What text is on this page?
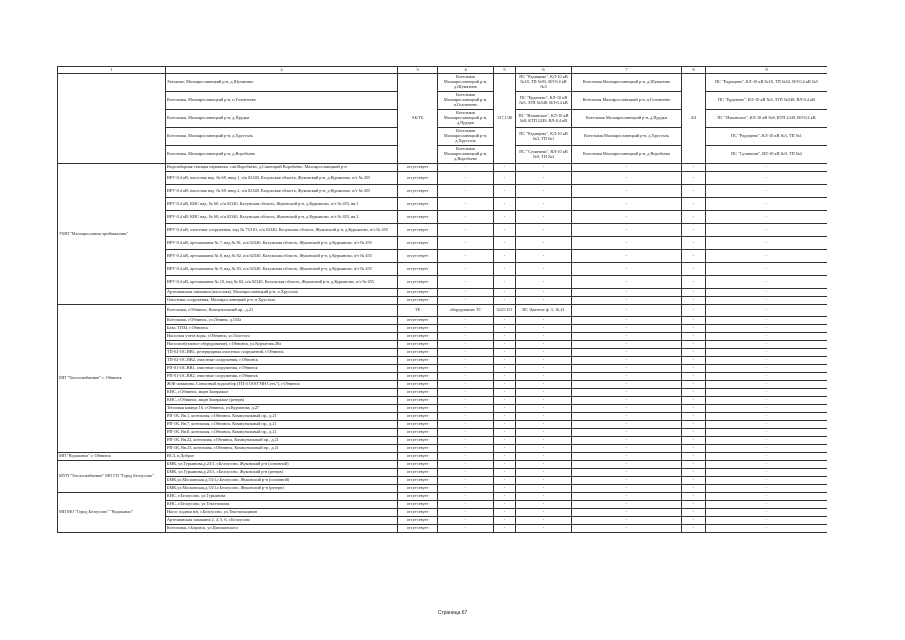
1	2	3	4	5	6	7	8	9
	Хотьково, Малоярославецкий р-н, д.Шумятино	АБ/ТБ	Котельная Малоярославецкий р-н, д.Шумятино	137,1/40	ПС "Радищево", КЛ-10 кВ №18, ТП №93, ВЛ-0,4 кВ №3	Котельная Малоярославецкий р-н, д.Шумятино	4/4	ПС "Радищево", КЛ-10 кВ №18, ТП №52, ВЛ-0,4 кВ №5
	Котельная, Малоярославецкий р-н, п.Головтеево		Котельная Малоярославецкий р-н, п.Головтеево		ПС "Ерденево", КЛ-10 кВ №5, ЗТП №548, ВЛ-0,4 кВ	Котельная Малоярославецкий р-н, п.Головтеево		ПС "Ерденево", КЛ-10 кВ №5, ЗТП №548, ВЛ-0,4 кВ
	Котельная, Малоярославецкий р-н, д.Прудки		Котельная Малоярославецкий р-н, д.Прудки		ПС "Ильинское", КЛ-10 кВ №8, КТП 2249, ВЛ-0,4 кВ	Котельная Малоярославецкий р-н, д.Прудки		ПС "Ильинское", КЛ-10 кВ №8, КТП 2249, ВЛ-0,4 кВ
	Котельная, Малоярославецкий р-н, д.Хрусталь		Котельная Малоярославецкий р-н, д.Хрусталь		ПС "Радищево", КЛ-10 кВ №3, ТП №1	Котельная Малоярославецкий р-н, д.Хрусталь		ПС "Радищево", КЛ-10 кВ №3, ТП №1
	Котельная, Малоярославецкий р-н, д.Воробьево		Котельная Малоярославецкий р-н, д.Воробьево		ПС "Сухиничи", ВЛ-10 кВ №9, ТП №2	Котельная Малоярославецкий р-н, д.Воробьево		ПС "Сухиничи", ВЛ-10 кВ №9, ТП №2
УМП "Малоярославецстройзаказчик"	Водозаборная станция перекачки, сан.Воробьёво, д.Санаторий Воробьёво, Малоярославецкий р-н	отсутствует	-	-	-	-	-	-
	ВРУ-0,4 кВ, насосная над. № 68, ввод 1, п/я 02340, Калужская область, Жуковский р-н, д.Курьяново, п/т № 455	отсутствует	-	-	-	-	-	-
	ВРУ-0,4 кВ, насосная над. № 68, ввод 2, п/я 02340, Калужская область, Жуковский р-н, д.Курьяново, п/т № 455	отсутствует	-	-	-	-	-	-
	ВРУ-0,4 кВ, КНС над. № 60, п/я 02340, Калужская область, Жуковский р-н, д.Курьяново, п/т № 455, вв.1	отсутствует	-	-	-	-	-	-
	ВРУ-0,4 кВ, КНС над. № 60, п/я 02340, Калужская область, Жуковский р-н, д.Курьяново, п/т № 455, вв.2	отсутствует	-	-	-	-	-	-
	ВРУ-0,4 кВ, очистные сооружения, над № 73/101, п/я 02340, Калужская область, Жуковский р-н, д.Курьяново, п/т № 455	отсутствует	-	-	-	-	-	-
	ВРУ-0,4 кВ, артскважина № 7, над № 81, п/я 02340, Калужская область, Жуковский р-н, д.Курьяново, п/т № 455	отсутствует	-	-	-	-	-	-
	ВРУ-0,4 кВ, артскважина № 8, над № 82, п/я 02340, Калужская область, Жуковский р-н, д.Курьяново, п/т № 455	отсутствует	-	-	-	-	-	-
	ВРУ-0,4 кВ, артскважина № 9, над № 83, п/я 02340, Калужская область, Жуковский р-н, д.Курьяново, п/т № 455	отсутствует	-	-	-	-	-	-
	ВРУ-0,4 кВ, артскважина № 10, над № 84, п/я 02340, Калужская область, Жуковский р-н, д.Курьяново, п/т № 455	отсутствует	-	-	-	-	-	-
	Артезианская скважина (насосная), Малоярославецкий р-н, п.Хрусталь	отсутствует	-	-	-	-	-	-
	Очистные сооружения, Малоярославецкий р-н, п.Хрусталь	отсутствует	-	-	-	-	-	-
МП "Теплоснабжение" г. Обнинск	Котельная, г.Обнинск, Коммунальный пр., д.21	ТЕ	оборудование ТС	3221/151	ПС Цветное ф. 3, 16,41	-	-	-
	Котельная, г.Обнинск, ул.Ленина, д.153а	отсутствует	-	-	-	-	-	-
	База, ТПЗЗ, г.Обнинск	отсутствует	-	-	-	-	-	-
	Насосная учета воды, г.Обнинск, ул.Толстого	отсутствует	-	-	-	-	-	-
	Насосное(газовое оборудование), г.Обнинск, ул.Курчатова,49а	отсутствует	-	-	-	-	-	-
	ТП-02-ОС.ВВ1, резервуарная очистных сооружений, г.Обнинск	отсутствует	-	-	-	-	-	-
	ТП-02-ОС.ВВ2, очистные сооружения, г.Обнинск	отсутствует	-	-	-	-	-	-
	РП-01-ОС.ВВ1, очистные сооружения, г.Обнинск	отсутствует	-	-	-	-	-	-
	РП-01-ОС.ВВ2, очистные сооружения, г.Обнинск	отсутствует	-	-	-	-	-	-
	Ж/Ф скважина, Совхозный водозабор (ТП-4 ООО"НН Сеть"), г.Обнинск	отсутствует	-	-	-	-	-	-
	КНС, г.Обнинск, мкрн Заовражье	отсутствует	-	-	-	-	-	-
	КНС, г.Обнинск, мкрн Заовражье (резерв)	отсутствует	-	-	-	-	-	-
	Тепловая камера 16, г.Обнинск, ул.Курчатова, д.27	отсутствует	-	-	-	-	-	-
	РП-1К, Вв.1, котельная, г.Обнинск, Коммунальный пр., д.21	отсутствует	-	-	-	-	-	-
	РП-1К, Вв.7, котельная, г.Обнинск, Коммунальный пр., д.21	отсутствует	-	-	-	-	-	-
	РП-1К, Вв.8, котельная, г.Обнинск, Коммунальный пр., д.21	отсутствует	-	-	-	-	-	-
	РП-1К, Вв.22, котельная, г.Обнинск, Коммунальный пр., д.21	отсутствует	-	-	-	-	-	-
	РП-1К, Вв.23, котельная, г.Обнинск, Коммунальный пр., д.21	отсутствует	-	-	-	-	-	-
МП "Водоканал" г. Обнинск	ВСЗ, п.Доброе	отсутствует	-	-	-	-	-	-
МУП "Теплоснабжение" МО ГП "Город Белоусово"	БМК, ул.Гурьянова,д.23/1, г.Белоусово, Жуковский р-н (основной)	отсутствует	-	-	-	-	-	-
	БМК, ул.Гурьянова,д.23/1, г.Белоусово, Жуковский р-н (резерв)	отсутствует	-	-	-	-	-	-
	БМК,ул.Московская,д.53/1,г.Белоусово, Жуковский р-н (основной)	отсутствует	-	-	-	-	-	-
	БМК,ул.Московская,д.53/1,г.Белоусово, Жуковский р-н (резерв)	отсутствует	-	-	-	-	-	-
МП МО "Город Белоусово" "Водоканал"	КНС, г.Белоусово, ул.Гурьянова	отсутствует	-	-	-	-	-	-
	КНС, г.Белоусово, ул.Текстильная	отсутствует	-	-	-	-	-	-
	Насос подачи в/в, г.Белоусово, ул.Текстильщиков	отсутствует	-	-	-	-	-	-
	Артезианская скважина 2, 4, 5, 6, г.Белоусово	отсутствует	-	-	-	-	-	-
	Котельная, г.Боровск, ул.Циолковского	отсутствует	-	-	-	-	-	-
Страница 67
